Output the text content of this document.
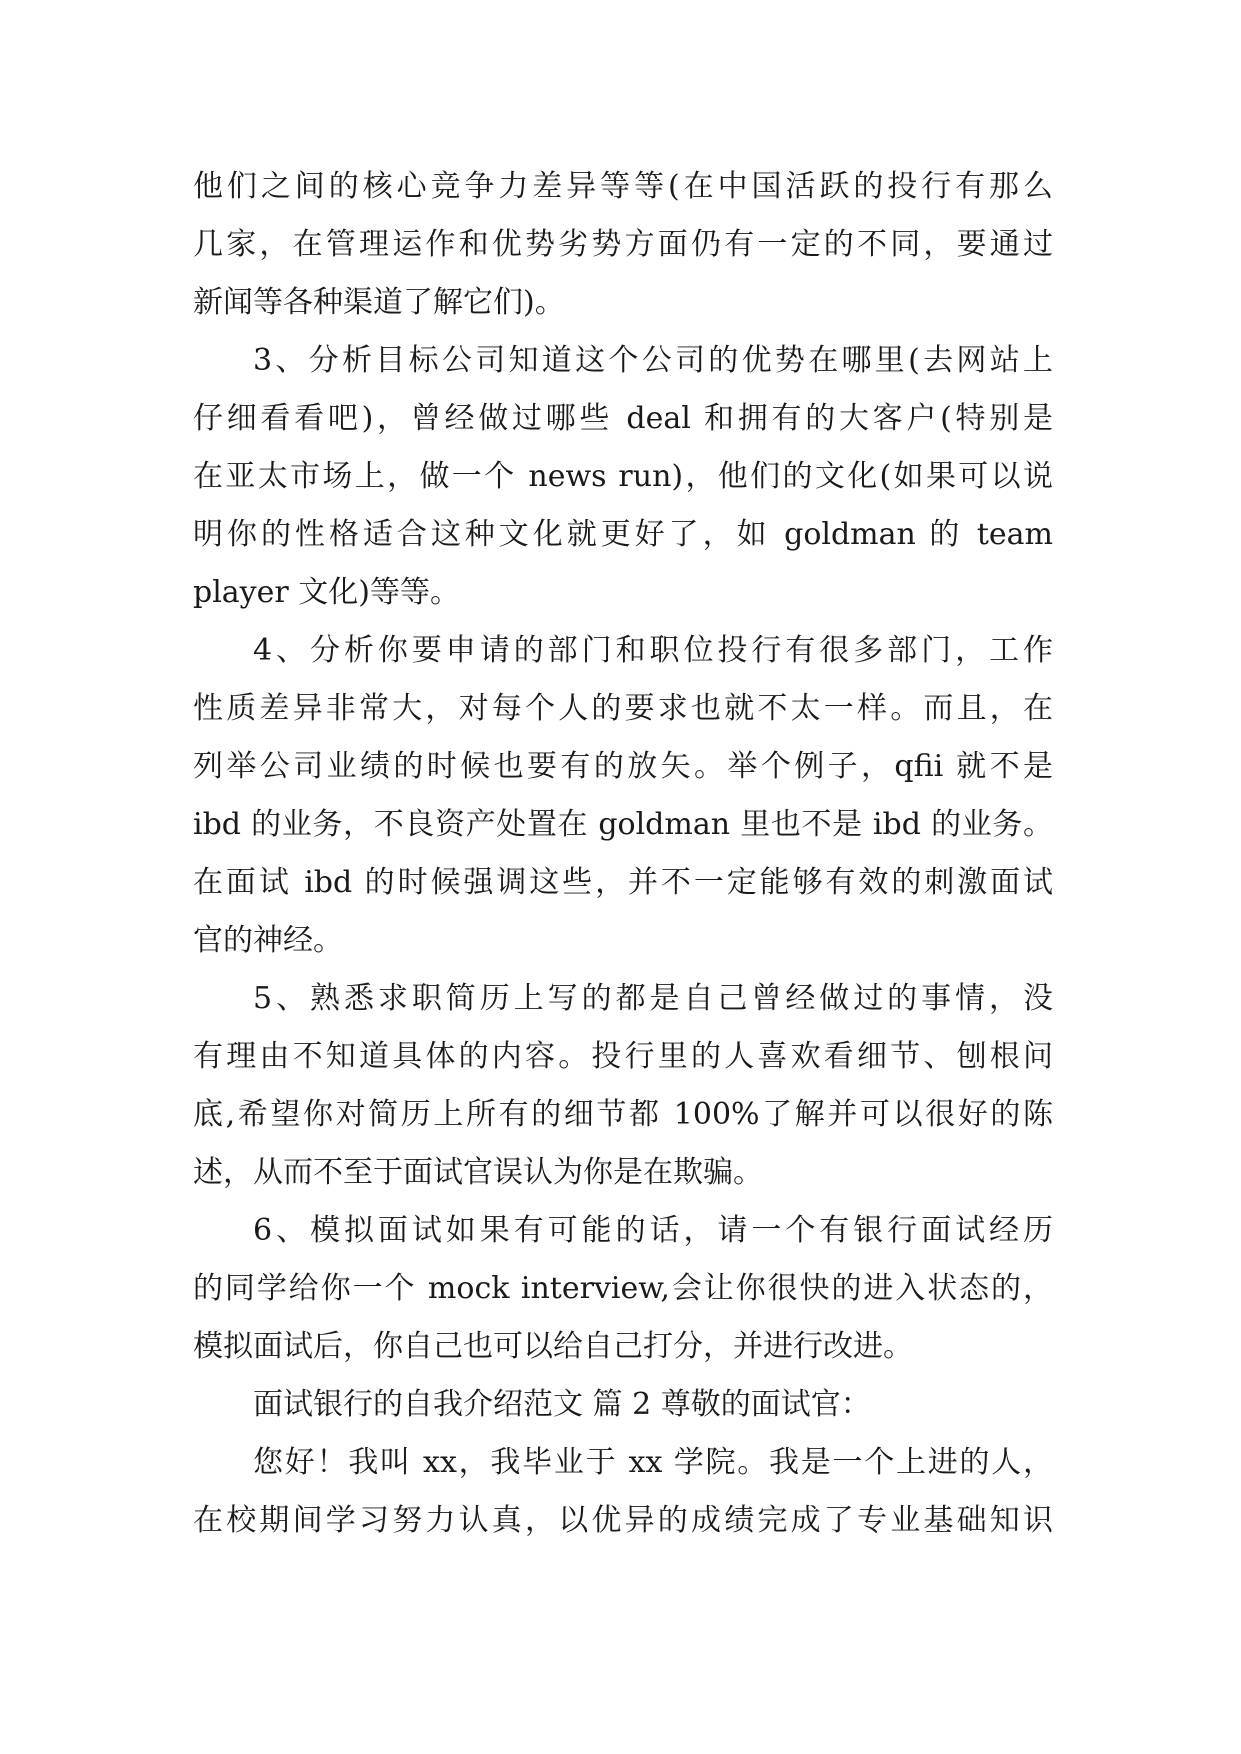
他们之间的核心竞争力差异等等(在中国活跃的投行有那么
几家，在管理运作和优势劣势方面仍有一定的不同，要通过
新闻等各种渠道了解它们)。
3、分析目标公司知道这个公司的优势在哪里(去网站上
仔细看看吧)，曾经做过哪些 deal 和拥有的大客户(特别是
在亚太市场上，做一个 news run)，他们的文化(如果可以说
明你的性格适合这种文化就更好了，如 goldman 的 team
player 文化)等等。
4、分析你要申请的部门和职位投行有很多部门，工作
性质差异非常大，对每个人的要求也就不太一样。而且，在
列举公司业绩的时候也要有的放矢。举个例子，qfii 就不是
ibd 的业务，不良资产处置在 goldman 里也不是 ibd 的业务。
在面试 ibd 的时候强调这些，并不一定能够有效的刺激面试
官的神经。
5、熟悉求职简历上写的都是自己曾经做过的事情，没
有理由不知道具体的内容。投行里的人喜欢看细节、刨根问
底,希望你对简历上所有的细节都 100%了解并可以很好的陈
述，从而不至于面试官误认为你是在欺骗。
6、模拟面试如果有可能的话，请一个有银行面试经历
的同学给你一个 mock interview,会让你很快的进入状态的，
模拟面试后，你自己也可以给自己打分，并进行改进。
面试银行的自我介绍范文 篇 2 尊敬的面试官：
您好！我叫 xx，我毕业于 xx 学院。我是一个上进的人，
在校期间学习努力认真，以优异的成绩完成了专业基础知识
